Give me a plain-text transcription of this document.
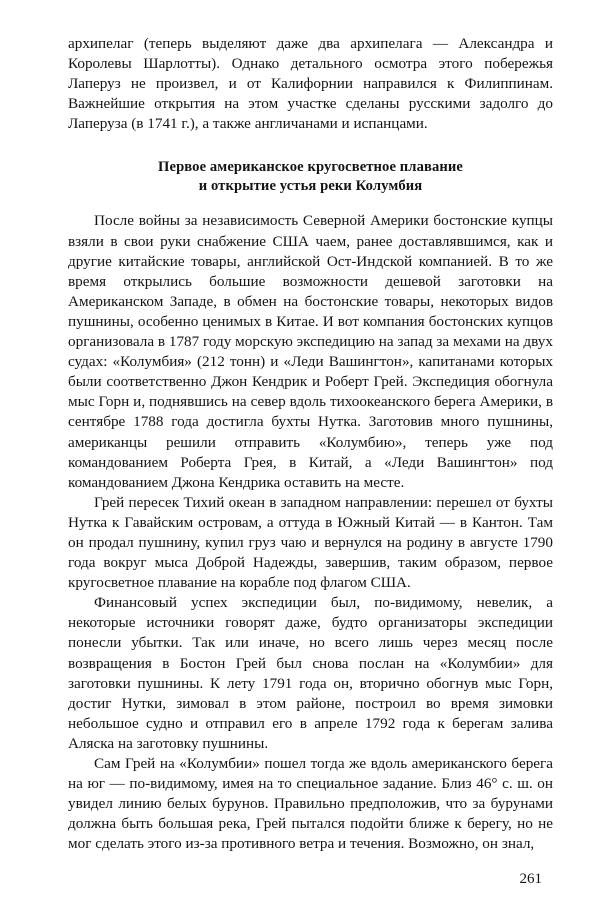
архипелаг (теперь выделяют даже два архипелага — Александра и Королевы Шарлотты). Однако детального осмотра этого побережья Лаперуз не произвел, и от Калифорнии направился к Филиппинам. Важнейшие открытия на этом участке сделаны русскими задолго до Лаперуза (в 1741 г.), а также англичанами и испанцами.

Первое американское кругосветное плавание
и открытие устья реки Колумбия

После войны за независимость Северной Америки бостонские купцы взяли в свои руки снабжение США чаем, ранее доставлявшимся, как и другие китайские товары, английской Ост-Индской компанией. В то же время открылись большие возможности дешевой заготовки на Американском Западе, в обмен на бостонские товары, некоторых видов пушнины, особенно ценимых в Китае. И вот компания бостонских купцов организовала в 1787 году морскую экспедицию на запад за мехами на двух судах: «Колумбия» (212 тонн) и «Леди Вашингтон», капитанами которых были соответственно Джон Кендрик и Роберт Грей. Экспедиция обогнула мыс Горн и, поднявшись на север вдоль тихоокеанского берега Америки, в сентябре 1788 года достигла бухты Нутка. Заготовив много пушнины, американцы решили отправить «Колумбию», теперь уже под командованием Роберта Грея, в Китай, а «Леди Вашингтон» под командованием Джона Кендрика оставить на месте.

Грей пересек Тихий океан в западном направлении: перешел от бухты Нутка к Гавайским островам, а оттуда в Южный Китай — в Кантон. Там он продал пушнину, купил груз чаю и вернулся на родину в августе 1790 года вокруг мыса Доброй Надежды, завершив, таким образом, первое кругосветное плавание на корабле под флагом США.

Финансовый успех экспедиции был, по-видимому, невелик, а некоторые источники говорят даже, будто организаторы экспедиции понесли убытки. Так или иначе, но всего лишь через месяц после возвращения в Бостон Грей был снова послан на «Колумбии» для заготовки пушнины. К лету 1791 года он, вторично обогнув мыс Горн, достиг Нутки, зимовал в этом районе, построил во время зимовки небольшое судно и отправил его в апреле 1792 года к берегам залива Аляска на заготовку пушнины.

Сам Грей на «Колумбии» пошел тогда же вдоль американского берега на юг — по-видимому, имея на то специальное задание. Близ 46° с. ш. он увидел линию белых бурунов. Правильно предположив, что за бурунами должна быть большая река, Грей пытался подойти ближе к берегу, но не мог сделать этого из-за противного ветра и течения. Возможно, он знал,

261
